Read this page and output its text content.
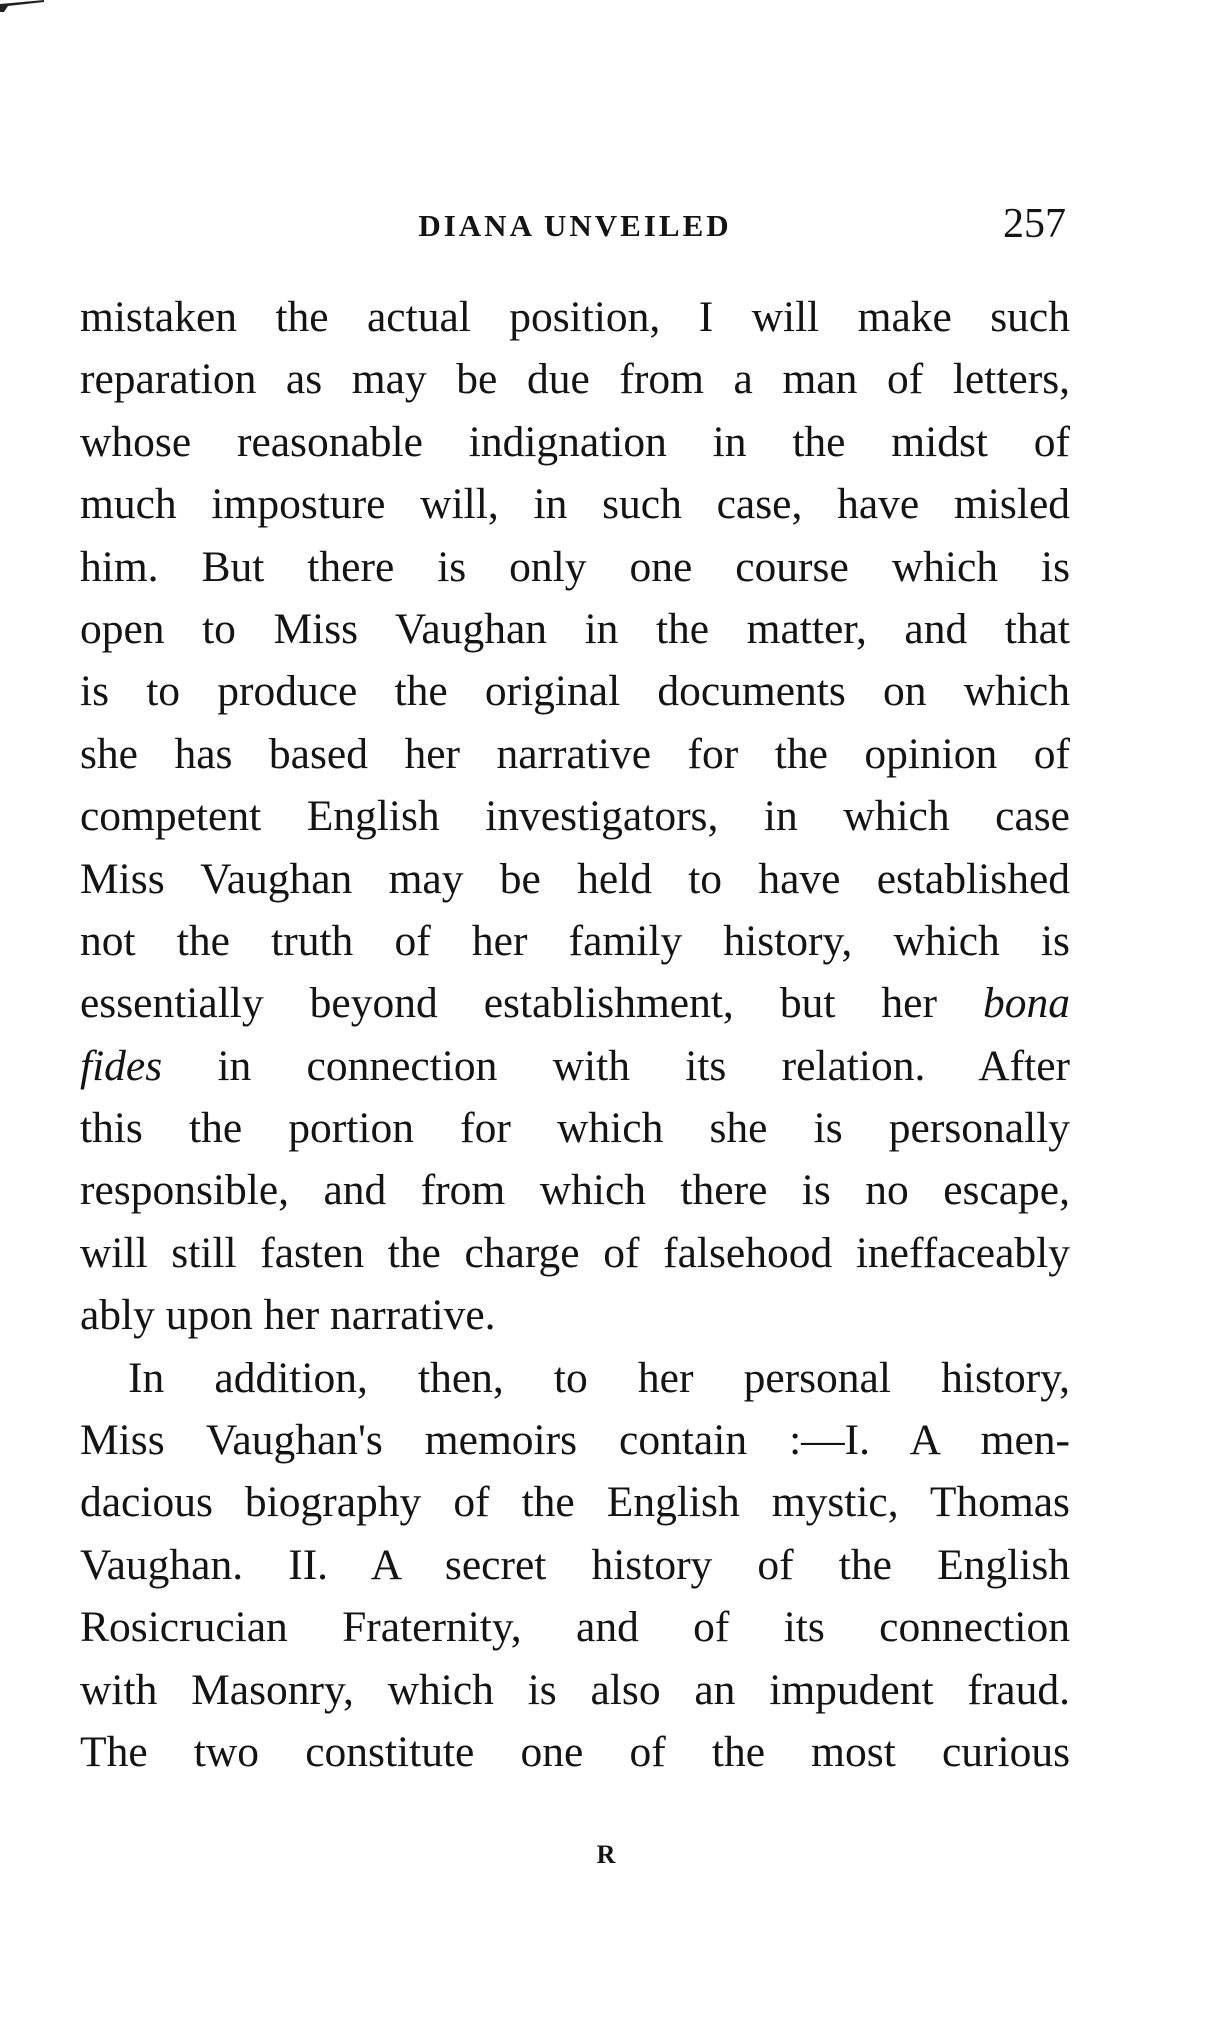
DIANA UNVEILED	257
mistaken the actual position, I will make such
reparation as may be due from a man of letters,
whose reasonable indignation in the midst of
much imposture will, in such case, have misled
him. But there is only one course which is
open to Miss Vaughan in the matter, and that
is to produce the original documents on which
she has based her narrative for the opinion of
competent English investigators, in which case
Miss Vaughan may be held to have established
not the truth of her family history, which is
essentially beyond establishment, but her bona
fides in connection with its relation. After
this the portion for which she is personally
responsible, and from which there is no escape,
will still fasten the charge of falsehood ineffaceably
ably upon her narrative.
In addition, then, to her personal history,
Miss Vaughan's memoirs contain :—I. A men-
dacious biography of the English mystic, Thomas
Vaughan. II. A secret history of the English
Rosicrucian Fraternity, and of its connection
with Masonry, which is also an impudent fraud.
The two constitute one of the most curious
R
